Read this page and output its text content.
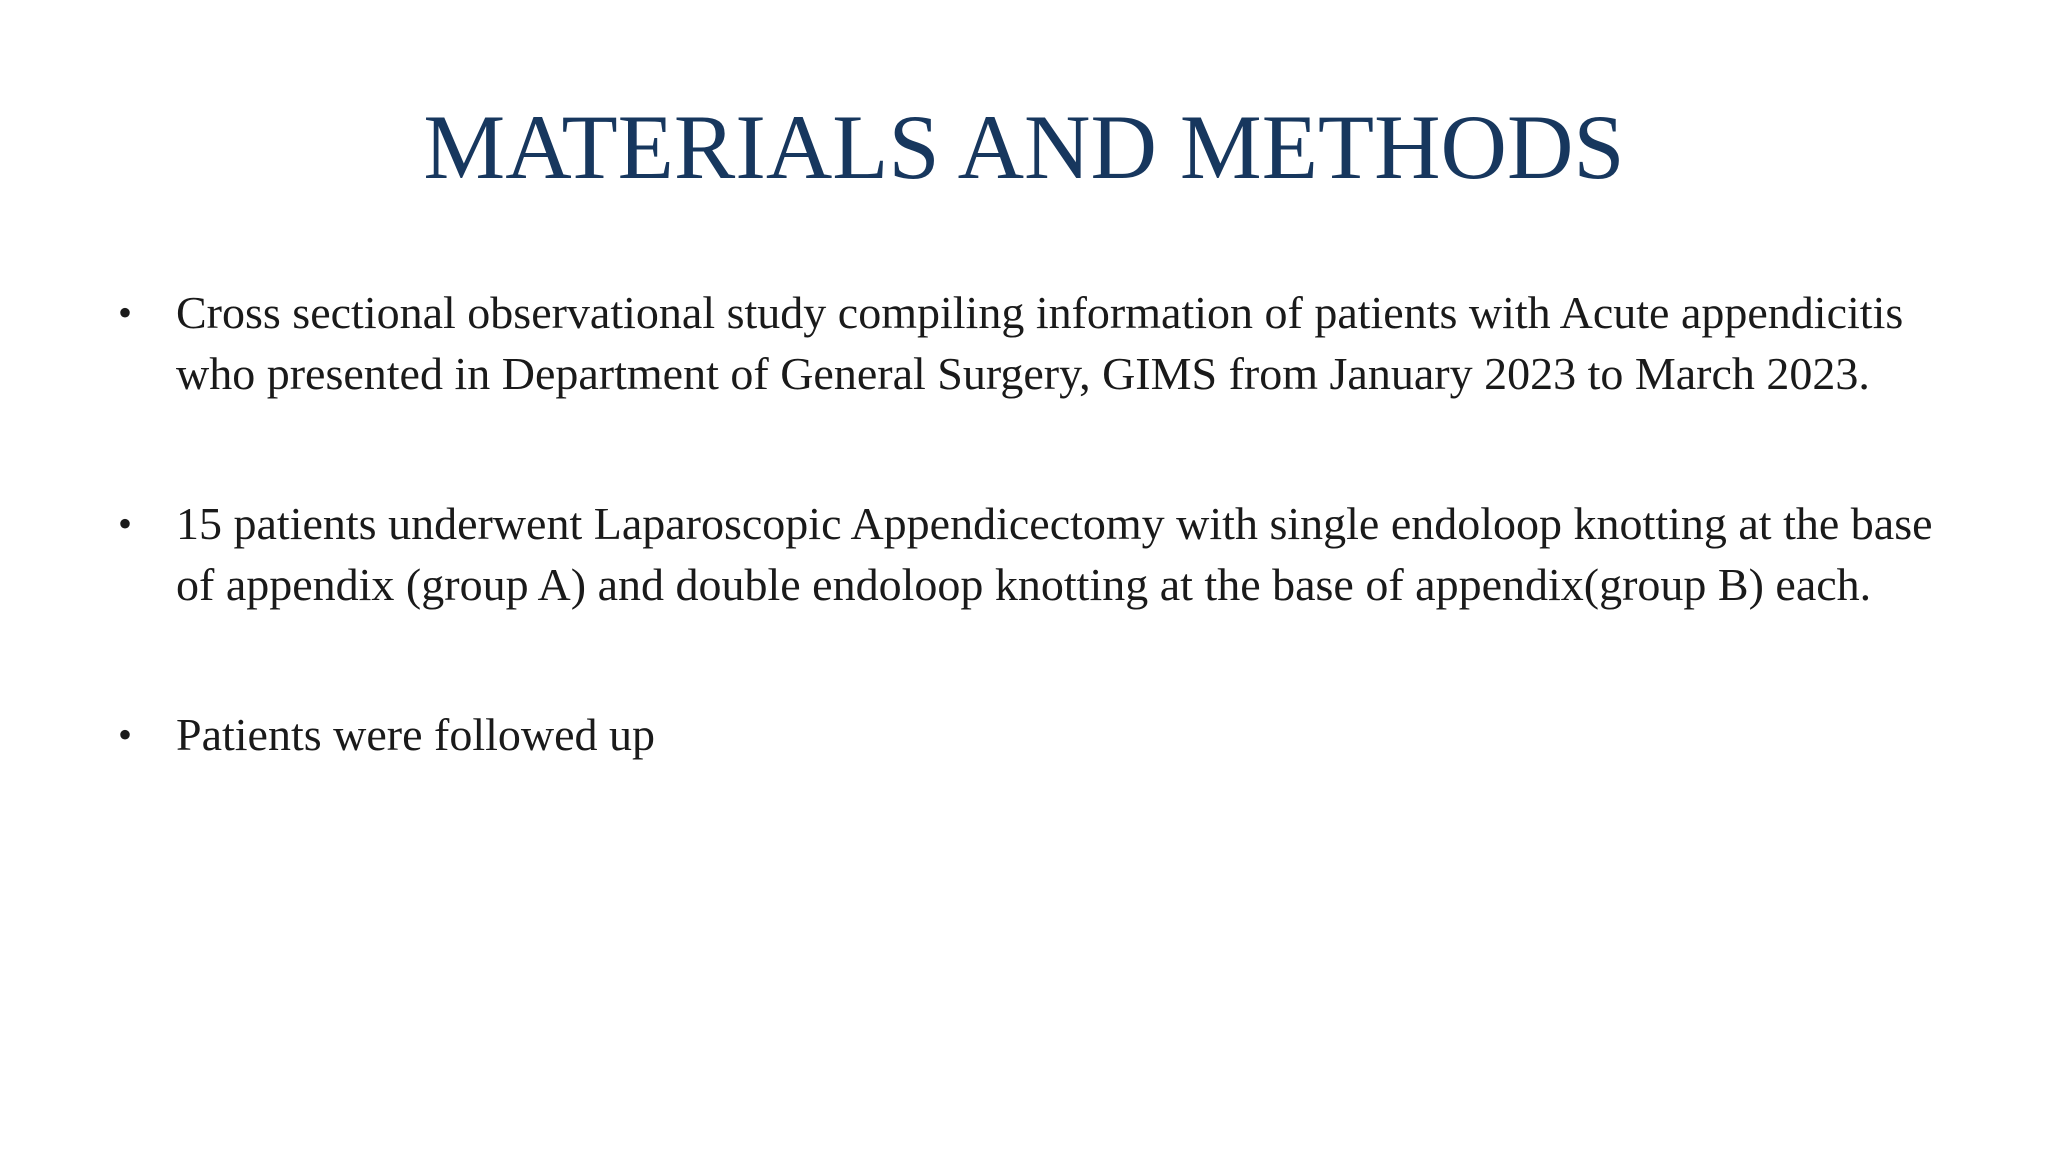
MATERIALS AND METHODS
• Cross sectional observational study compiling information of patients with Acute appendicitis who presented in Department of General Surgery, GIMS from January 2023 to March 2023.
• 15 patients underwent Laparoscopic Appendicectomy with single endoloop knotting at the base of appendix (group A) and double endoloop knotting at the base of appendix(group B) each.
• Patients were followed up
